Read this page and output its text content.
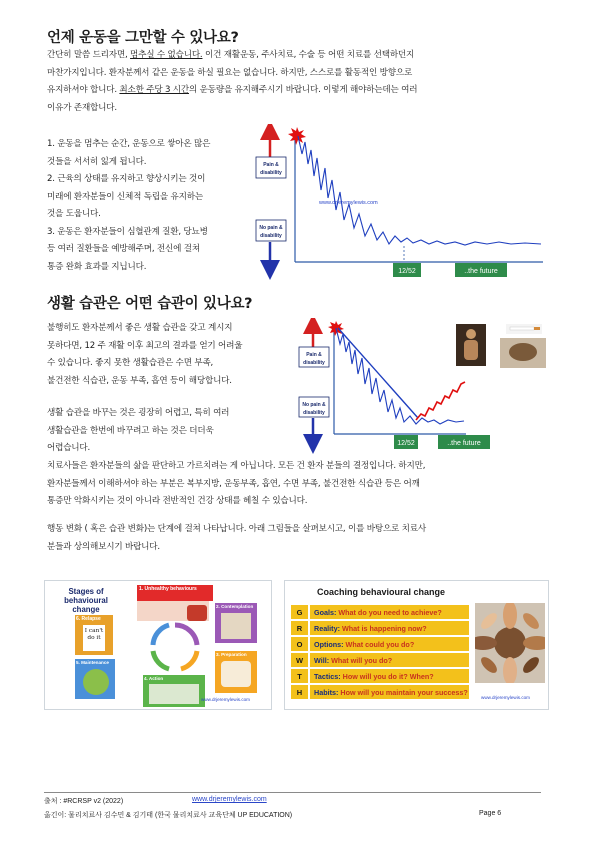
언제 운동을 그만할 수 있나요?
간단히 말씀 드리자면, 멈추실 수 없습니다. 이건 재활운동, 주사치료, 수술 등 어떤 치료를 선택하던지
마찬가지입니다. 환자분께서 같은 운동을 하실 필요는 없습니다. 하지만, 스스로를 활동적인 방향으로
유지하셔야 합니다. 최소한 주당 3 시간의 운동량을 유지해주시기 바랍니다. 이렇게 해야하는데는 여러
이유가 존재합니다.
1. 운동을 멈추는 순간, 운동으로 쌓아온 많은
것들을 서서히 잃게 됩니다.
2. 근육의 상태를 유지하고 향상시키는 것이
미래에 환자분들이 신체적 독립을 유지하는
것을 도웁니다.
3. 운동은 환자분들이 심혈관계 질환, 당뇨병
등 여러 질환들을 예방해주며, 전신에 걸쳐
통증 완화 효과를 지닙니다.
Pain &
disability
No pain &
disability
www.drjeremylewis.com
12/52	..the future
생활 습관은 어떤 습관이 있나요?
불행히도 환자분께서 좋은 생활 습관을 갖고 계시지
못하다면, 12 주 재활 이후 최고의 결과를 얻기 어려울
수 있습니다. 좋지 못한 생활습관은 수면 부족,
불건전한 식습관, 운동 부족, 흡연 등이 해당합니다.
생활 습관을 바꾸는 것은 굉장히 어렵고, 특히 여러
생활습관을 한번에 바꾸려고 하는 것은 더더욱
어렵습니다.
치료사들은 환자분들의 삶을 판단하고 가르치려는 게 아닙니다. 모든 건 환자 분들의 결정입니다. 하지만,
환자분들께서 이해하셔야 하는 부분은 복부지방, 운동부족, 흡연, 수면 부족, 불건전한 식습관 등은 어깨
통증만 악화시키는 것이 아니라 전반적인 건강 상태를 헤칠 수 있습니다.
행동 변화 ( 혹은 습관 변화)는 단계에 걸쳐 나타납니다. 아래 그림들을 살펴보시고, 이를 바탕으로 치료사
분들과 상의해보시기 바랍니다.
Pain &
disability
No pain &
disability
12/52	..the future
Stages of
behavioural change
1. Unhealthy behaviours
6. Relapse
I can't
do it
2. Contemplation
5. Maintenance
3. Preparation
4. Action
www.drjeremylewis.com
Coaching behavioural change
G	Goals: What do you need to achieve?
R	Reality: What is happening now?
O	Options: What could you do?
W	Will: What will you do?
T	Tactics: How will you do it? When?
H	Habits: How will you maintain your success?
www.drjeremylewis.com
출처 : #RCRSP v2 (2022)	www.drjeremylewis.com
옮긴이: 물리치료사 김수민 & 김기태 (한국 물리치료사 교육단체 UP EDUCATION)	Page 6
